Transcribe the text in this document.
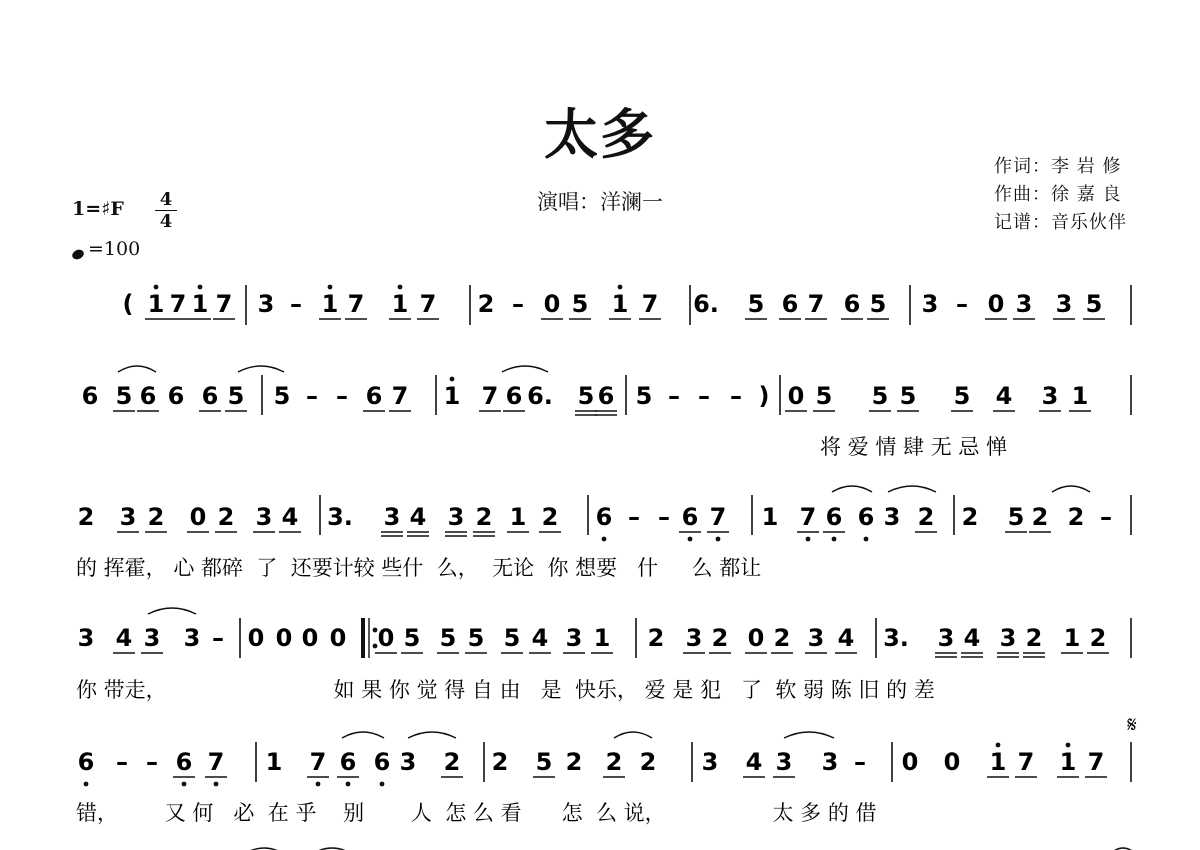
太多
演唱：洋澜一
作词：李 岩 修
作曲：徐 嘉 良
记谱：音乐伙伴
1=♯F 4
4
=100
( 1 7 1 7 3 – 1 7 1 7 2 – 0 5 1 7 6. 5 6 7 6 5 3 – 0 3 3 5
6 5 6 6 6 5 5 – – 6 7 1 7 6 6. 5 6 5 – – – ) 0 5 5 5 5 4 3 1
2 3 2 0 2 3 4 3. 3 4 3 2 1 2 6 – – 6 7 1 7 6 6 3 2 2 5 2 2 –
3 4 3 3 – 0 0 0 0 0 5 5 5 5 4 3 1 2 3 2 0 2 3 4 3. 3 4 3 2 1 2
6 – – 6 7 1 7 6 6 3 2 2 5 2 2 2 3 4 3 3 – 0 0 1 7 1 7
𝄋
将 爱 情 肆 无 忌 惮
的 挥霍， 心 都碎  了  还要计较 些什  么，  无论  你 想要   什     么 都让
你 带走，                         如 果 你 觉 得 自 由   是  快乐， 爱 是 犯   了  软 弱 陈 旧 的 差
错，       又 何   必  在 乎    别       人  怎 么 看      怎  么 说，                太 多 的 借
